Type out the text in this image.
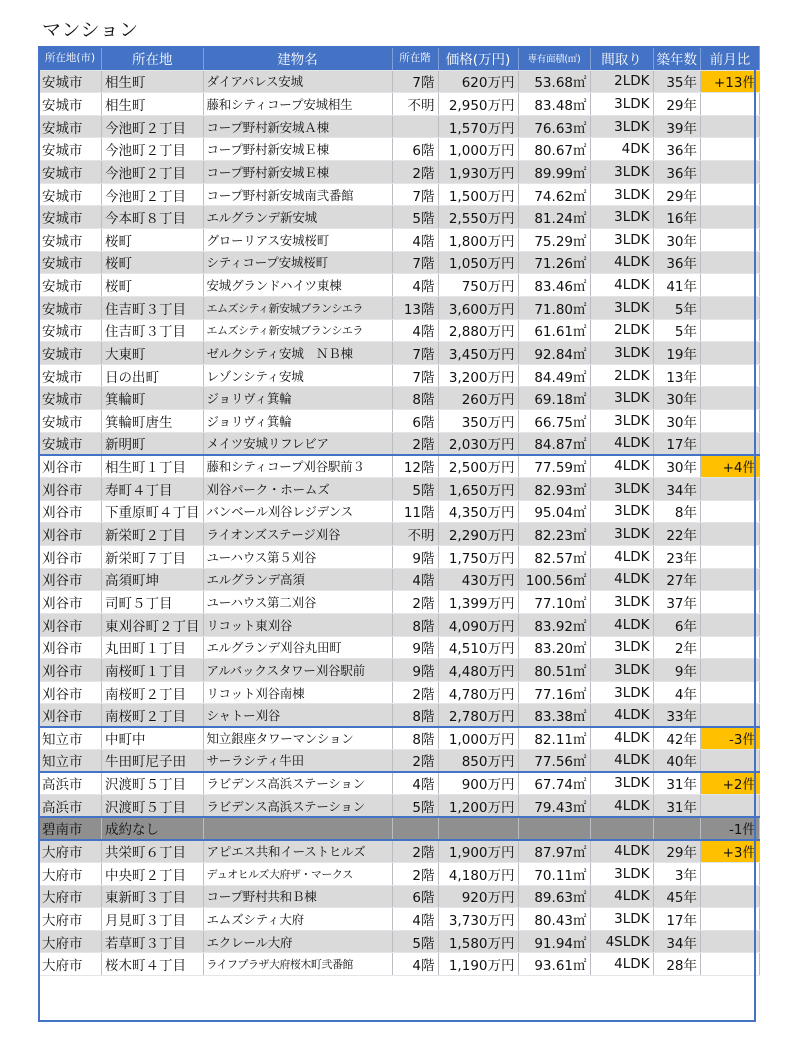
マンション
所在地(市)	所在地	建物名	所在階	価格(万円)	専有面積(㎡)	間取り	築年数	前月比
安城市	相生町	ダイアパレス安城	7階	620万円	53.68㎡	2LDK	35年	+13件
安城市	相生町	藤和シティコープ安城相生	不明	2,950万円	83.48㎡	3LDK	29年	
安城市	今池町２丁目	コープ野村新安城Ａ棟		1,570万円	76.63㎡	3LDK	39年	
安城市	今池町２丁目	コープ野村新安城Ｅ棟	6階	1,000万円	80.67㎡	4DK	36年	
安城市	今池町２丁目	コープ野村新安城Ｅ棟	2階	1,930万円	89.99㎡	3LDK	36年	
安城市	今池町２丁目	コープ野村新安城南弐番館	7階	1,500万円	74.62㎡	3LDK	29年	
安城市	今本町８丁目	エルグランデ新安城	5階	2,550万円	81.24㎡	3LDK	16年	
安城市	桜町	グローリアス安城桜町	4階	1,800万円	75.29㎡	3LDK	30年	
安城市	桜町	シティコープ安城桜町	7階	1,050万円	71.26㎡	4LDK	36年	
安城市	桜町	安城グランドハイツ東棟	4階	750万円	83.46㎡	4LDK	41年	
安城市	住吉町３丁目	エムズシティ新安城ブランシエラ	13階	3,600万円	71.80㎡	3LDK	5年	
安城市	住吉町３丁目	エムズシティ新安城ブランシエラ	4階	2,880万円	61.61㎡	2LDK	5年	
安城市	大東町	ゼルクシティ安城　ＮＢ棟	7階	3,450万円	92.84㎡	3LDK	19年	
安城市	日の出町	レゾンシティ安城	7階	3,200万円	84.49㎡	2LDK	13年	
安城市	箕輪町	ジョリヴィ箕輪	8階	260万円	69.18㎡	3LDK	30年	
安城市	箕輪町唐生	ジョリヴィ箕輪	6階	350万円	66.75㎡	3LDK	30年	
安城市	新明町	メイツ安城リフレビア	2階	2,030万円	84.87㎡	4LDK	17年	
刈谷市	相生町１丁目	藤和シティコープ刈谷駅前３	12階	2,500万円	77.59㎡	4LDK	30年	+4件
刈谷市	寿町４丁目	刈谷パーク・ホームズ	5階	1,650万円	82.93㎡	3LDK	34年	
刈谷市	下重原町４丁目	バンベール刈谷レジデンス	11階	4,350万円	95.04㎡	3LDK	8年	
刈谷市	新栄町２丁目	ライオンズステージ刈谷	不明	2,290万円	82.23㎡	3LDK	22年	
刈谷市	新栄町７丁目	ユーハウス第５刈谷	9階	1,750万円	82.57㎡	4LDK	23年	
刈谷市	高須町坤	エルグランデ高須	4階	430万円	100.56㎡	4LDK	27年	
刈谷市	司町５丁目	ユーハウス第二刈谷	2階	1,399万円	77.10㎡	3LDK	37年	
刈谷市	東刈谷町２丁目	リコット東刈谷	8階	4,090万円	83.92㎡	4LDK	6年	
刈谷市	丸田町１丁目	エルグランデ刈谷丸田町	9階	4,510万円	83.20㎡	3LDK	2年	
刈谷市	南桜町１丁目	アルバックスタワー刈谷駅前	9階	4,480万円	80.51㎡	3LDK	9年	
刈谷市	南桜町２丁目	リコット刈谷南棟	2階	4,780万円	77.16㎡	3LDK	4年	
刈谷市	南桜町２丁目	シャトー刈谷	8階	2,780万円	83.38㎡	4LDK	33年	
知立市	中町中	知立銀座タワーマンション	8階	1,000万円	82.11㎡	4LDK	42年	-3件
知立市	牛田町尼子田	サーラシティ牛田	2階	850万円	77.56㎡	4LDK	40年	
高浜市	沢渡町５丁目	ラビデンス高浜ステーション	4階	900万円	67.74㎡	3LDK	31年	+2件
高浜市	沢渡町５丁目	ラビデンス高浜ステーション	5階	1,200万円	79.43㎡	4LDK	31年	
碧南市	成約なし							-1件
大府市	共栄町６丁目	アピエス共和イーストヒルズ	2階	1,900万円	87.97㎡	4LDK	29年	+3件
大府市	中央町２丁目	デュオヒルズ大府ザ・マークス	2階	4,180万円	70.11㎡	3LDK	3年	
大府市	東新町３丁目	コープ野村共和Ｂ棟	6階	920万円	89.63㎡	4LDK	45年	
大府市	月見町３丁目	エムズシティ大府	4階	3,730万円	80.43㎡	3LDK	17年	
大府市	若草町３丁目	エクレール大府	5階	1,580万円	91.94㎡	4SLDK	34年	
大府市	桜木町４丁目	ライフプラザ大府桜木町弐番館	4階	1,190万円	93.61㎡	4LDK	28年	
